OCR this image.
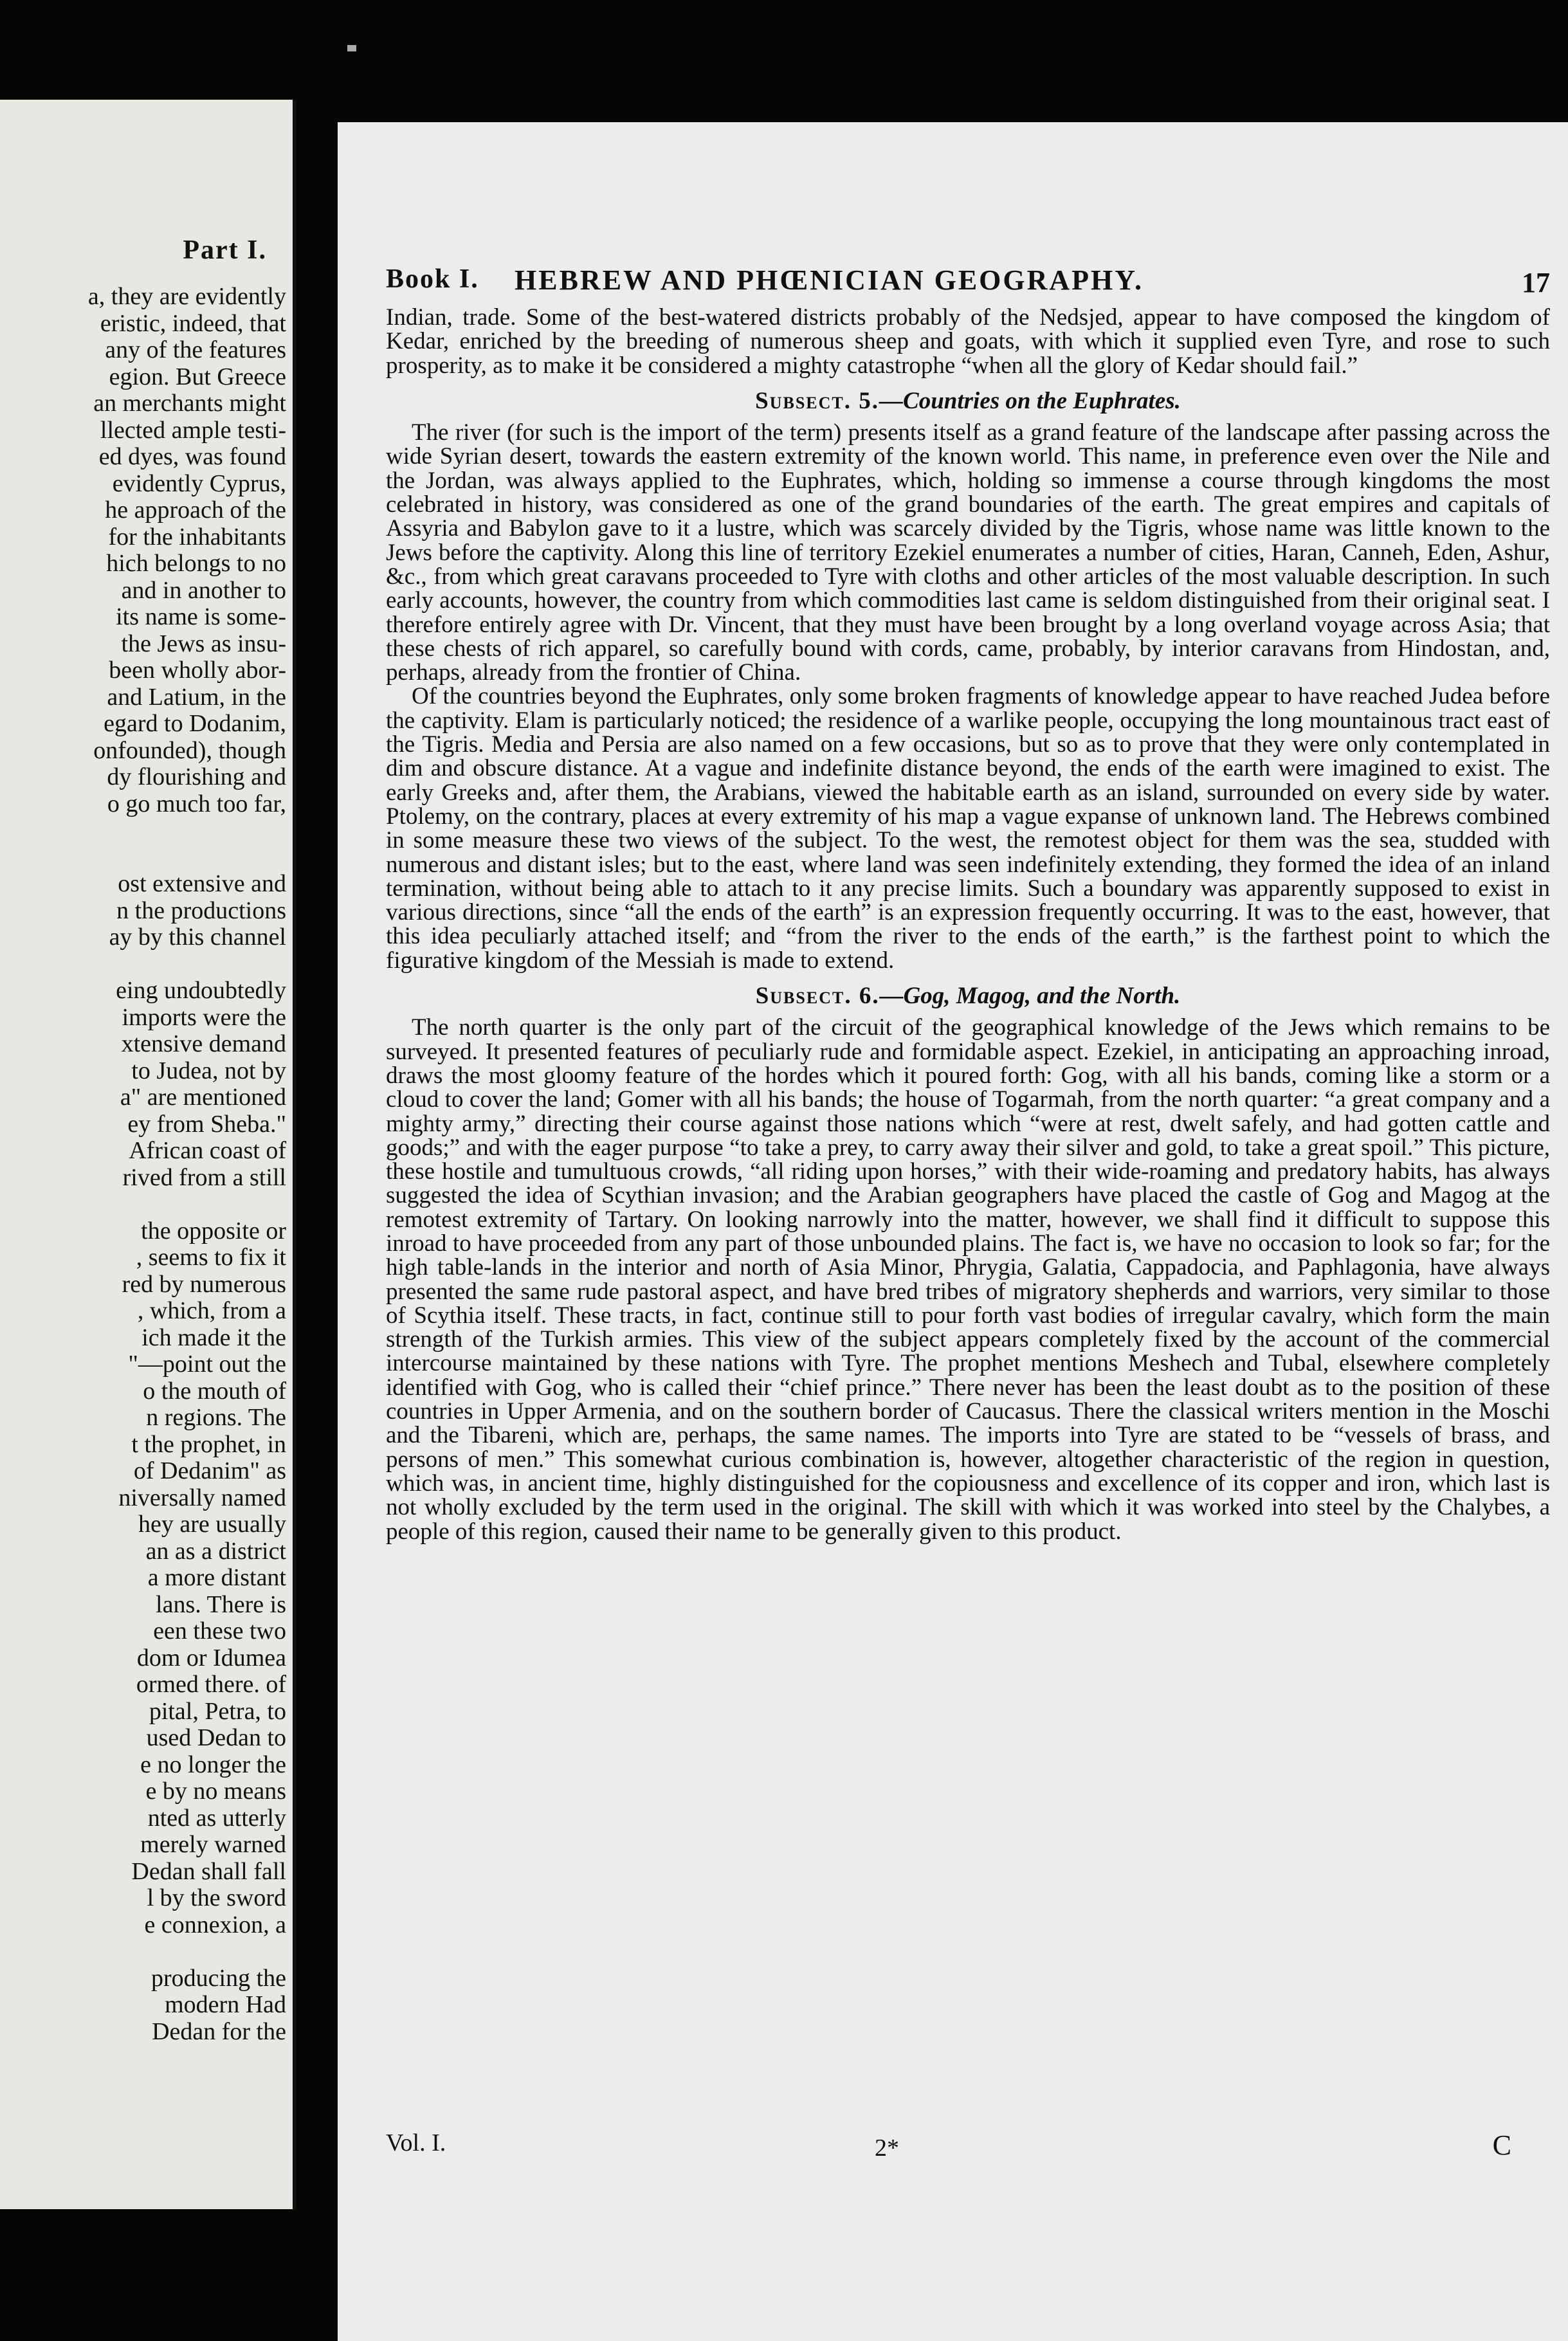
Part I.
a, they are evidently
eristic, indeed, that
any of the features
egion. But Greece
an merchants might
llected ample testi-
ed dyes, was found
evidently Cyprus,
he approach of the
for the inhabitants
hich belongs to no
and in another to
its name is some-
the Jews as insu-
been wholly abor-
and Latium, in the
egard to Dodanim,
onfounded), though
dy flourishing and
o go much too far,
ost extensive and
n the productions
ay by this channel
eing undoubtedly
imports were the
xtensive demand
to Judea, not by
a" are mentioned
ey from Sheba."
African coast of
rived from a still
the opposite or
, seems to fix it
red by numerous
, which, from a
ich made it the
"—point out the
o the mouth of
n regions. The
t the prophet, in
of Dedanim" as
niversally named
hey are usually
an as a district
a more distant
lans. There is
een these two
dom or Idumea
ormed there. of
pital, Petra, to
used Dedan to
e no longer the
e by no means
nted as utterly
merely warned
Dedan shall fall
l by the sword
e connexion, a
producing the
modern Had
Dedan for the
Book I. HEBREW AND PHŒNICIAN GEOGRAPHY.	17

Indian, trade. Some of the best-watered districts probably of the Nedsjed, appear to have composed the kingdom of Kedar, enriched by the breeding of numerous sheep and goats, with which it supplied even Tyre, and rose to such prosperity, as to make it be considered a mighty catastrophe “when all the glory of Kedar should fail.”

Subsect. 5.—Countries on the Euphrates.

The river (for such is the import of the term) presents itself as a grand feature of the landscape after passing across the wide Syrian desert, towards the eastern extremity of the known world. This name, in preference even over the Nile and the Jordan, was always applied to the Euphrates, which, holding so immense a course through kingdoms the most celebrated in history, was considered as one of the grand boundaries of the earth. The great empires and capitals of Assyria and Babylon gave to it a lustre, which was scarcely divided by the Tigris, whose name was little known to the Jews before the captivity. Along this line of territory Ezekiel enumerates a number of cities, Haran, Canneh, Eden, Ashur, &c., from which great caravans proceeded to Tyre with cloths and other articles of the most valuable description. In such early accounts, however, the country from which commodities last came is seldom distinguished from their original seat. I therefore entirely agree with Dr. Vincent, that they must have been brought by a long overland voyage across Asia; that these chests of rich apparel, so carefully bound with cords, came, probably, by interior caravans from Hindostan, and, perhaps, already from the frontier of China.

Of the countries beyond the Euphrates, only some broken fragments of knowledge appear to have reached Judea before the captivity. Elam is particularly noticed; the residence of a warlike people, occupying the long mountainous tract east of the Tigris. Media and Persia are also named on a few occasions, but so as to prove that they were only contemplated in dim and obscure distance. At a vague and indefinite distance beyond, the ends of the earth were imagined to exist. The early Greeks and, after them, the Arabians, viewed the habitable earth as an island, surrounded on every side by water. Ptolemy, on the contrary, places at every extremity of his map a vague expanse of unknown land. The Hebrews combined in some measure these two views of the subject. To the west, the remotest object for them was the sea, studded with numerous and distant isles; but to the east, where land was seen indefinitely extending, they formed the idea of an inland termination, without being able to attach to it any precise limits. Such a boundary was apparently supposed to exist in various directions, since “all the ends of the earth” is an expression frequently occurring. It was to the east, however, that this idea peculiarly attached itself; and “from the river to the ends of the earth,” is the farthest point to which the figurative kingdom of the Messiah is made to extend.

Subsect. 6.—Gog, Magog, and the North.

The north quarter is the only part of the circuit of the geographical knowledge of the Jews which remains to be surveyed. It presented features of peculiarly rude and formidable aspect. Ezekiel, in anticipating an approaching inroad, draws the most gloomy feature of the hordes which it poured forth: Gog, with all his bands, coming like a storm or a cloud to cover the land; Gomer with all his bands; the house of Togarmah, from the north quarter: “a great company and a mighty army,” directing their course against those nations which “were at rest, dwelt safely, and had gotten cattle and goods;” and with the eager purpose “to take a prey, to carry away their silver and gold, to take a great spoil.” This picture, these hostile and tumultuous crowds, “all riding upon horses,” with their wide-roaming and predatory habits, has always suggested the idea of Scythian invasion; and the Arabian geographers have placed the castle of Gog and Magog at the remotest extremity of Tartary. On looking narrowly into the matter, however, we shall find it difficult to suppose this inroad to have proceeded from any part of those unbounded plains. The fact is, we have no occasion to look so far; for the high table-lands in the interior and north of Asia Minor, Phrygia, Galatia, Cappadocia, and Paphlagonia, have always presented the same rude pastoral aspect, and have bred tribes of migratory shepherds and warriors, very similar to those of Scythia itself. These tracts, in fact, continue still to pour forth vast bodies of irregular cavalry, which form the main strength of the Turkish armies. This view of the subject appears completely fixed by the account of the commercial intercourse maintained by these nations with Tyre. The prophet mentions Meshech and Tubal, elsewhere completely identified with Gog, who is called their “chief prince.” There never has been the least doubt as to the position of these countries in Upper Armenia, and on the southern border of Caucasus. There the classical writers mention in the Moschi and the Tibareni, which are, perhaps, the same names. The imports into Tyre are stated to be “vessels of brass, and persons of men.” This somewhat curious combination is, however, altogether characteristic of the region in question, which was, in ancient time, highly distinguished for the copiousness and excellence of its copper and iron, which last is not wholly excluded by the term used in the original. The skill with which it was worked into steel by the Chalybes, a people of this region, caused their name to be generally given to this product.

Vol. I.	2*	C
